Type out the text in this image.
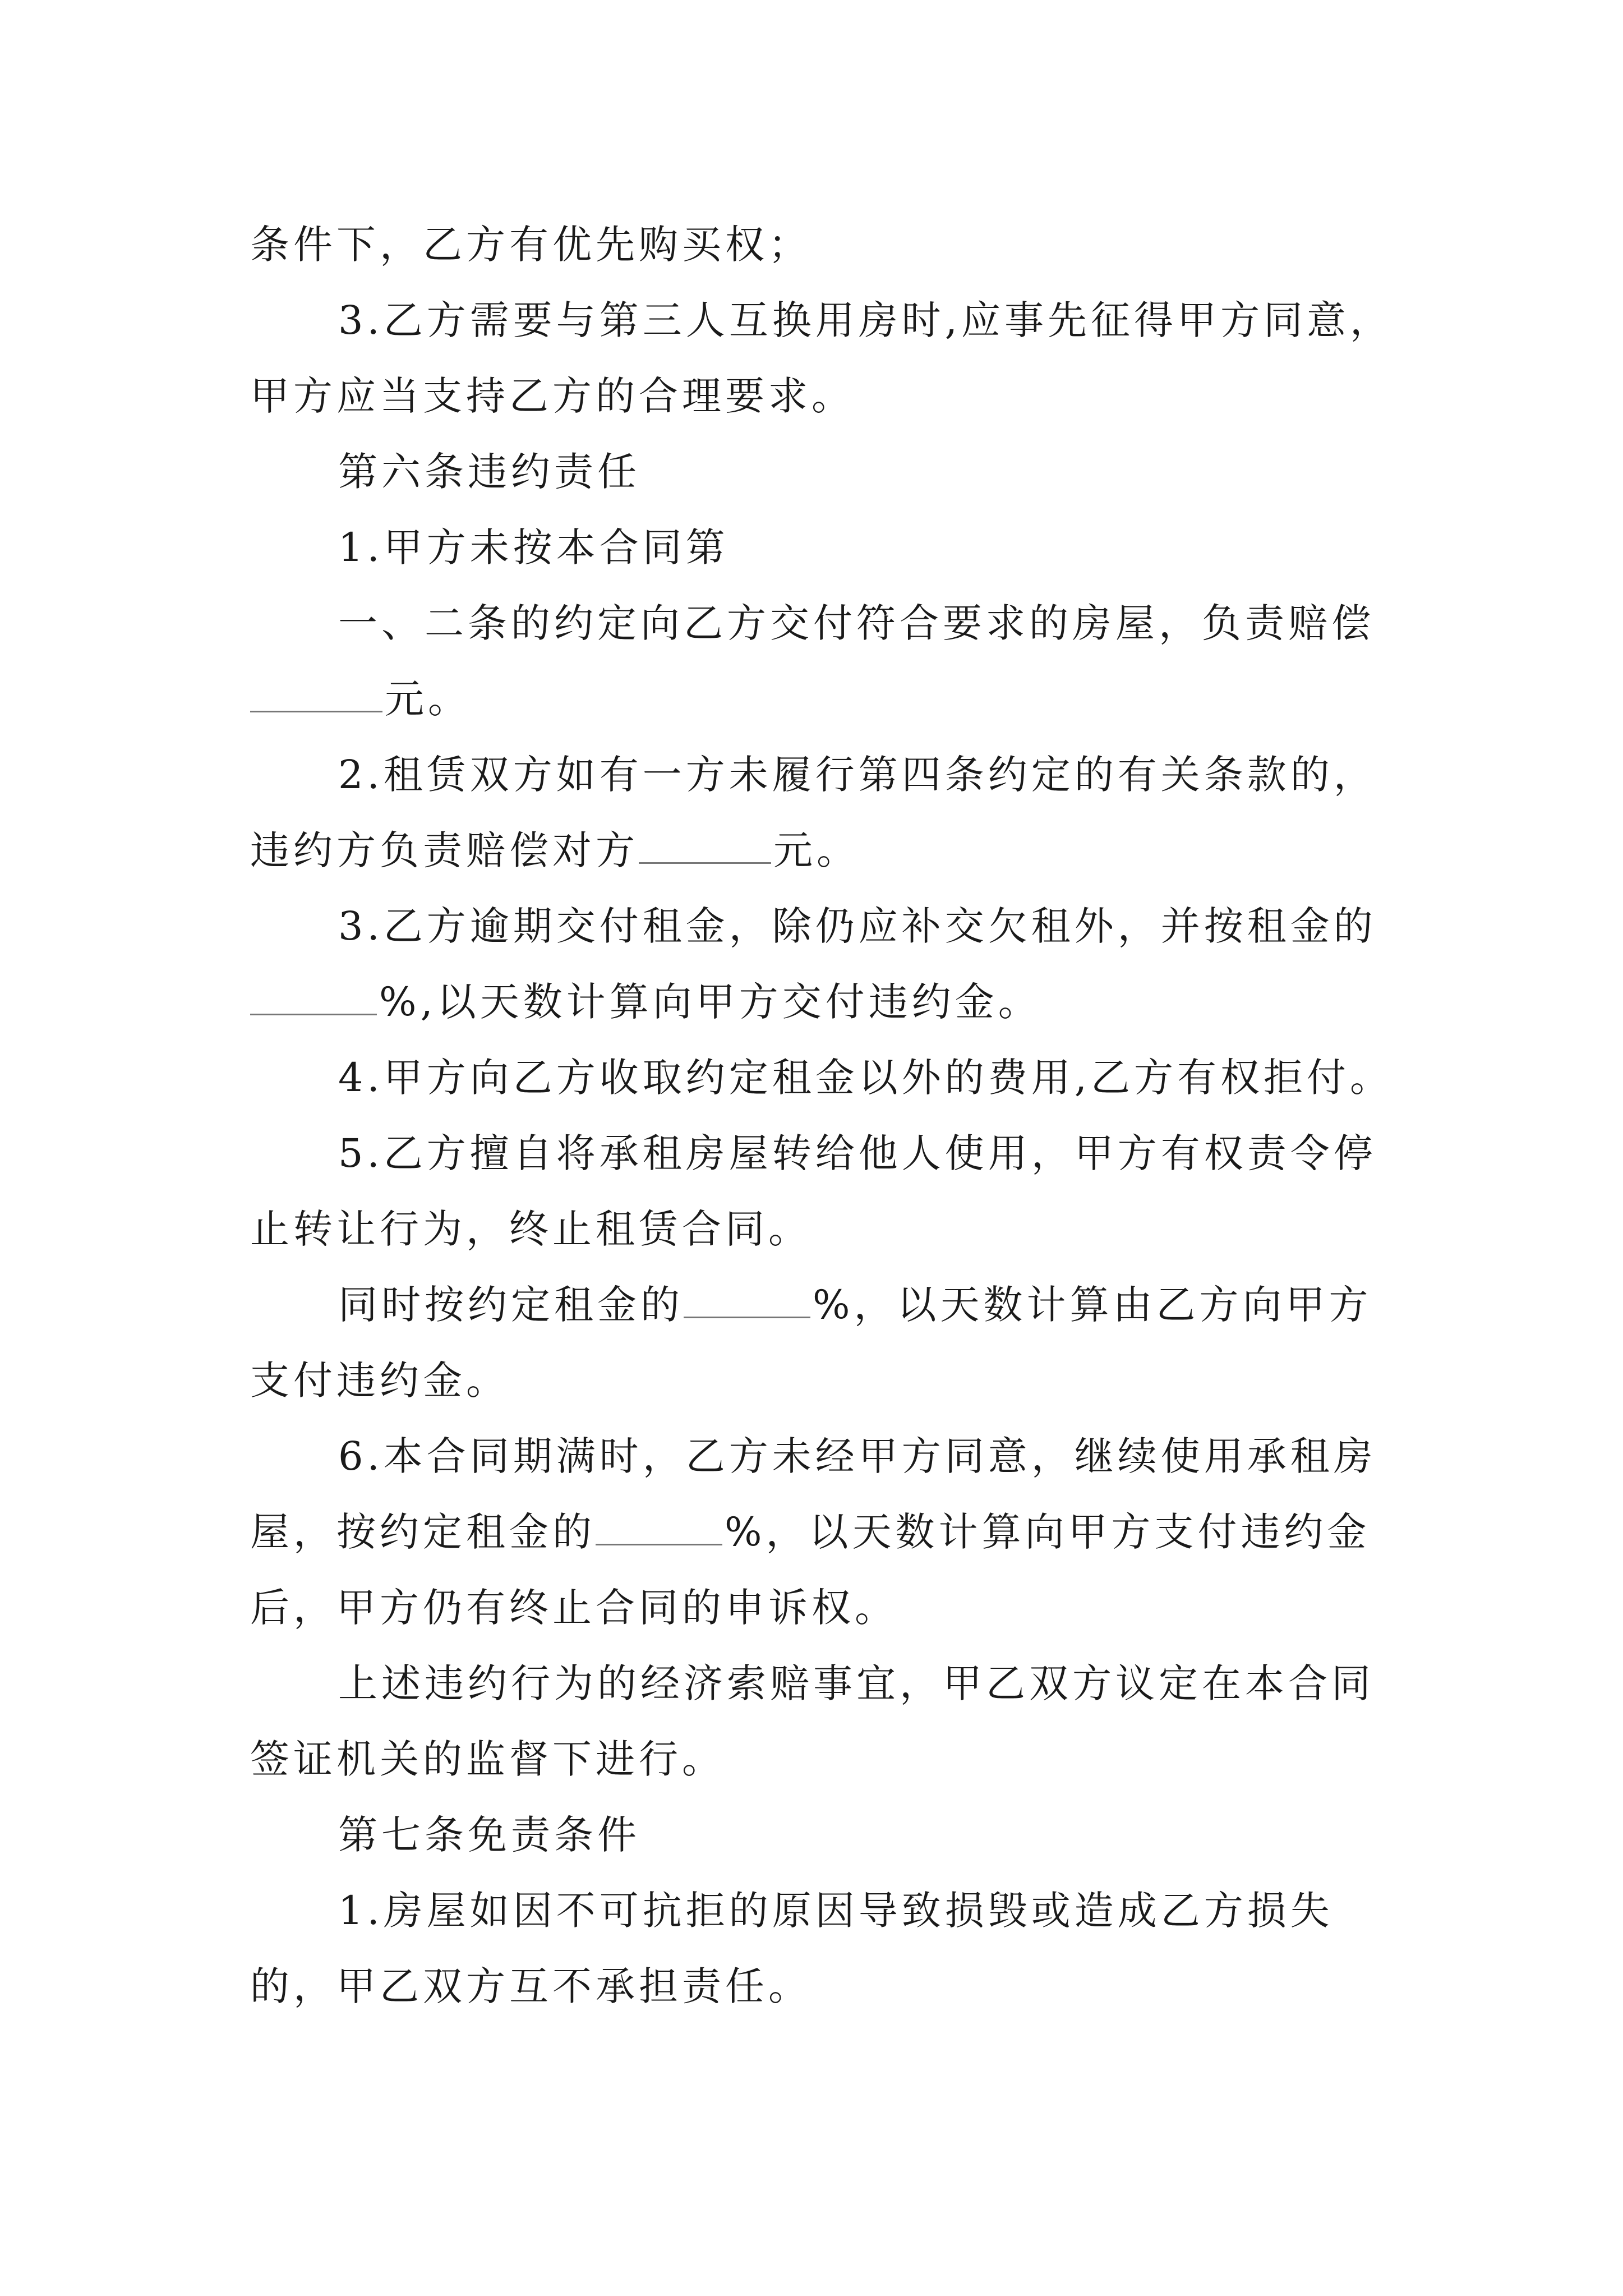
条件下，乙方有优先购买权；
3.乙方需要与第三人互换用房时,应事先征得甲方同意，
甲方应当支持乙方的合理要求。
第六条违约责任
1.甲方未按本合同第
一、二条的约定向乙方交付符合要求的房屋，负责赔偿
元。
2.租赁双方如有一方未履行第四条约定的有关条款的，
违约方负责赔偿对方	元。
3.乙方逾期交付租金，除仍应补交欠租外，并按租金的
%,以天数计算向甲方交付违约金。
4.甲方向乙方收取约定租金以外的费用,乙方有权拒付。
5.乙方擅自将承租房屋转给他人使用，甲方有权责令停
止转让行为，终止租赁合同。
同时按约定租金的	%，以天数计算由乙方向甲方
支付违约金。
6.本合同期满时，乙方未经甲方同意，继续使用承租房
屋，按约定租金的	%，以天数计算向甲方支付违约金
后，甲方仍有终止合同的申诉权。
上述违约行为的经济索赔事宜，甲乙双方议定在本合同
签证机关的监督下进行。
第七条免责条件
1.房屋如因不可抗拒的原因导致损毁或造成乙方损失
的，甲乙双方互不承担责任。
